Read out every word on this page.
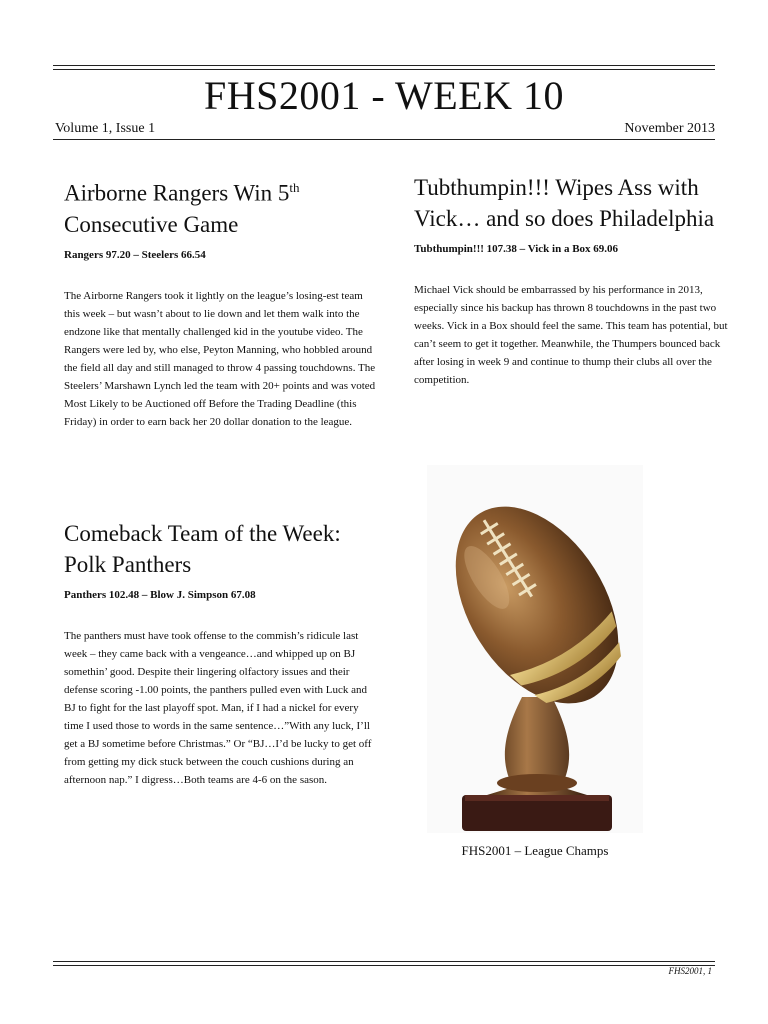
FHS2001 - WEEK 10
Volume 1, Issue 1	November 2013
Airborne Rangers Win 5th Consecutive Game

Rangers 97.20 – Steelers 66.54

The Airborne Rangers took it lightly on the league’s losing-est team this week – but wasn’t about to lie down and let them walk into the endzone like that mentally challenged kid in the youtube video. The Rangers were led by, who else, Peyton Manning, who hobbled around the field all day and still managed to throw 4 passing touchdowns. The Steelers’ Marshawn Lynch led the team with 20+ points and was voted Most Likely to be Auctioned off Before the Trading Deadline (this Friday) in order to earn back her 20 dollar donation to the league.

Tubthumpin!!! Wipes Ass with Vick… and so does Philadelphia

Tubthumpin!!! 107.38 – Vick in a Box 69.06

Michael Vick should be embarrassed by his performance in 2013, especially since his backup has thrown 8 touchdowns in the past two weeks. Vick in a Box should feel the same. This team has potential, but can’t seem to get it together. Meanwhile, the Thumpers bounced back after losing in week 9 and continue to thump their clubs all over the competition.

Comeback Team of the Week: Polk Panthers

Panthers 102.48 – Blow J. Simpson 67.08

The panthers must have took offense to the commish’s ridicule last week – they came back with a vengeance…and whipped up on BJ somethin’ good. Despite their lingering olfactory issues and their defense scoring -1.00 points, the panthers pulled even with Luck and BJ to fight for the last playoff spot. Man, if I had a nickel for every time I used those to words in the same sentence…”With any luck, I’ll get a BJ sometime before Christmas.” Or “BJ…I’d be lucky to get off from getting my dick stuck between the couch cushions during an afternoon nap.” I digress…Both teams are 4-6 on the sason.

FHS2001 – League Champs
FHS2001, 1
